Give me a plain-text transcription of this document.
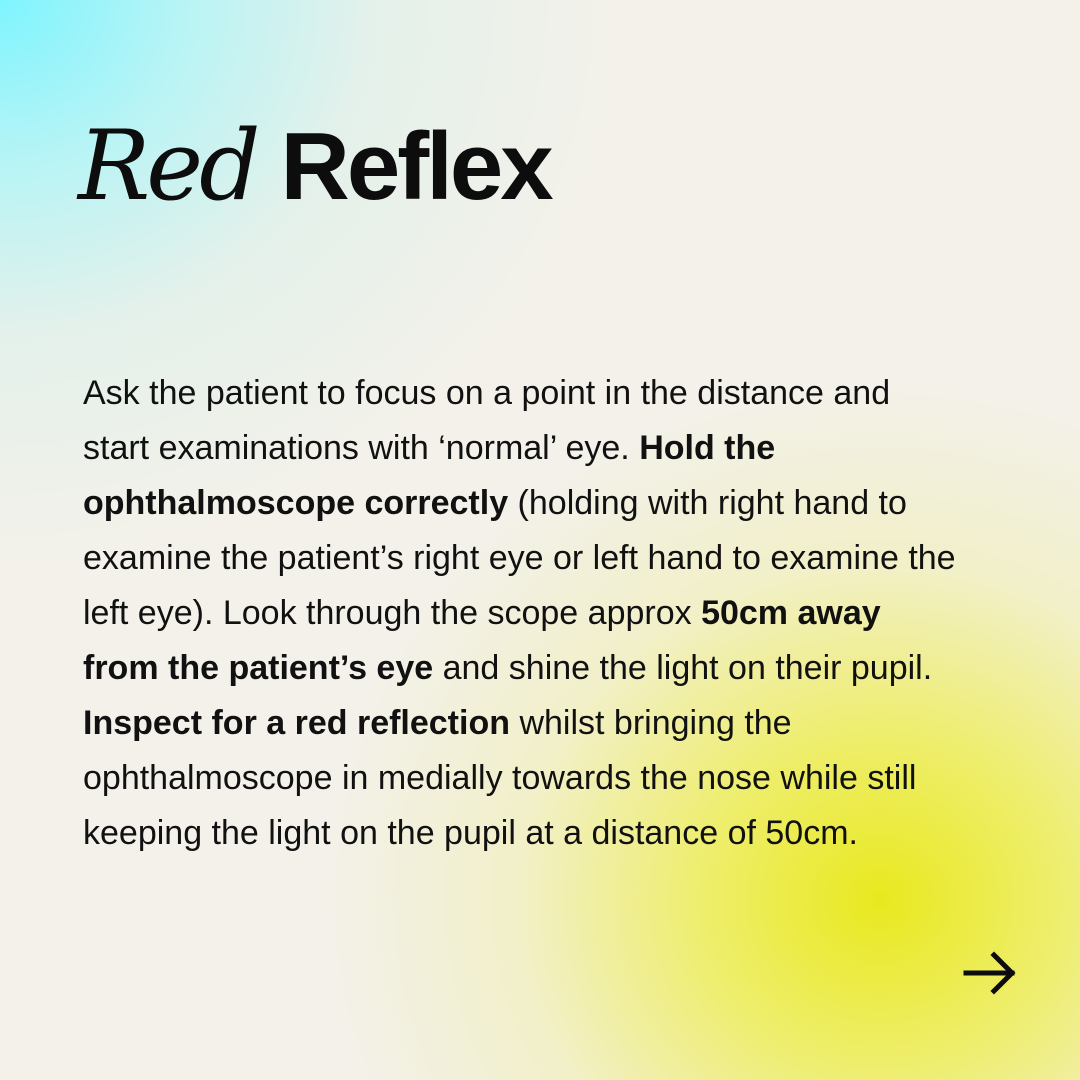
Red Reflex

Ask the patient to focus on a point in the distance and start examinations with ‘normal’ eye. Hold the ophthalmoscope correctly (holding with right hand to examine the patient’s right eye or left hand to examine the left eye). Look through the scope approx 50cm away from the patient’s eye and shine the light on their pupil. Inspect for a red reflection whilst bringing the ophthalmoscope in medially towards the nose while still keeping the light on the pupil at a distance of 50cm.
